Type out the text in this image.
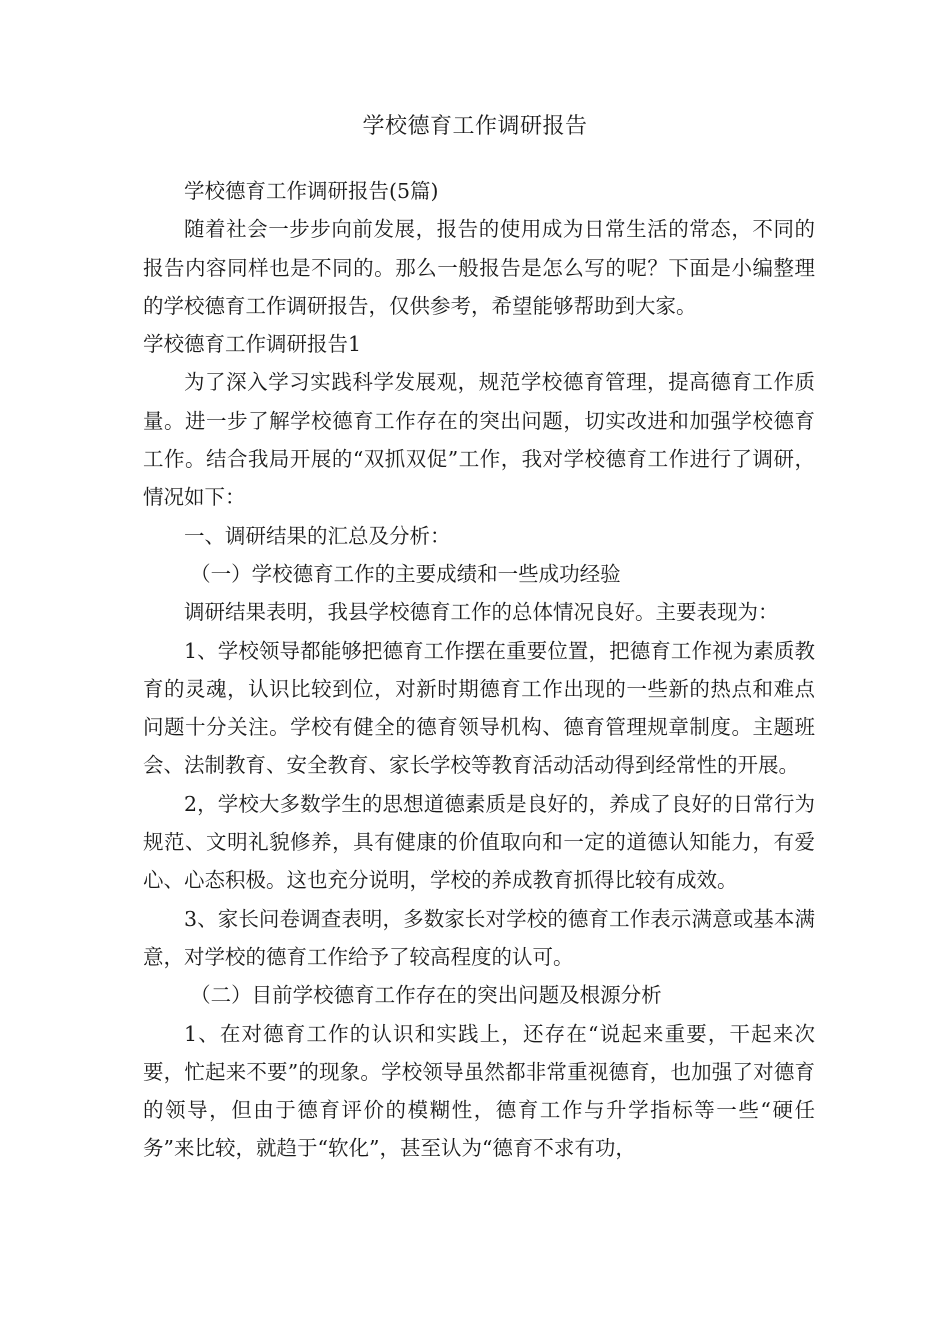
学校德育工作调研报告

学校德育工作调研报告(5篇)

随着社会一步步向前发展，报告的使用成为日常生活的常态，不同的报告内容同样也是不同的。那么一般报告是怎么写的呢？下面是小编整理的学校德育工作调研报告，仅供参考，希望能够帮助到大家。

学校德育工作调研报告1

为了深入学习实践科学发展观，规范学校德育管理，提高德育工作质量。进一步了解学校德育工作存在的突出问题，切实改进和加强学校德育工作。结合我局开展的“双抓双促”工作，我对学校德育工作进行了调研，情况如下：

一、调研结果的汇总及分析：

（一）学校德育工作的主要成绩和一些成功经验

调研结果表明，我县学校德育工作的总体情况良好。主要表现为：

1、学校领导都能够把德育工作摆在重要位置，把德育工作视为素质教育的灵魂，认识比较到位，对新时期德育工作出现的一些新的热点和难点问题十分关注。学校有健全的德育领导机构、德育管理规章制度。主题班会、法制教育、安全教育、家长学校等教育活动活动得到经常性的开展。

2，学校大多数学生的思想道德素质是良好的，养成了良好的日常行为规范、文明礼貌修养，具有健康的价值取向和一定的道德认知能力，有爱心、心态积极。这也充分说明，学校的养成教育抓得比较有成效。

3、家长问卷调查表明，多数家长对学校的德育工作表示满意或基本满意，对学校的德育工作给予了较高程度的认可。

（二）目前学校德育工作存在的突出问题及根源分析

1、在对德育工作的认识和实践上，还存在“说起来重要，干起来次要，忙起来不要”的现象。学校领导虽然都非常重视德育，也加强了对德育的领导，但由于德育评价的模糊性，德育工作与升学指标等一些“硬任务”来比较，就趋于“软化”，甚至认为“德育不求有功，
